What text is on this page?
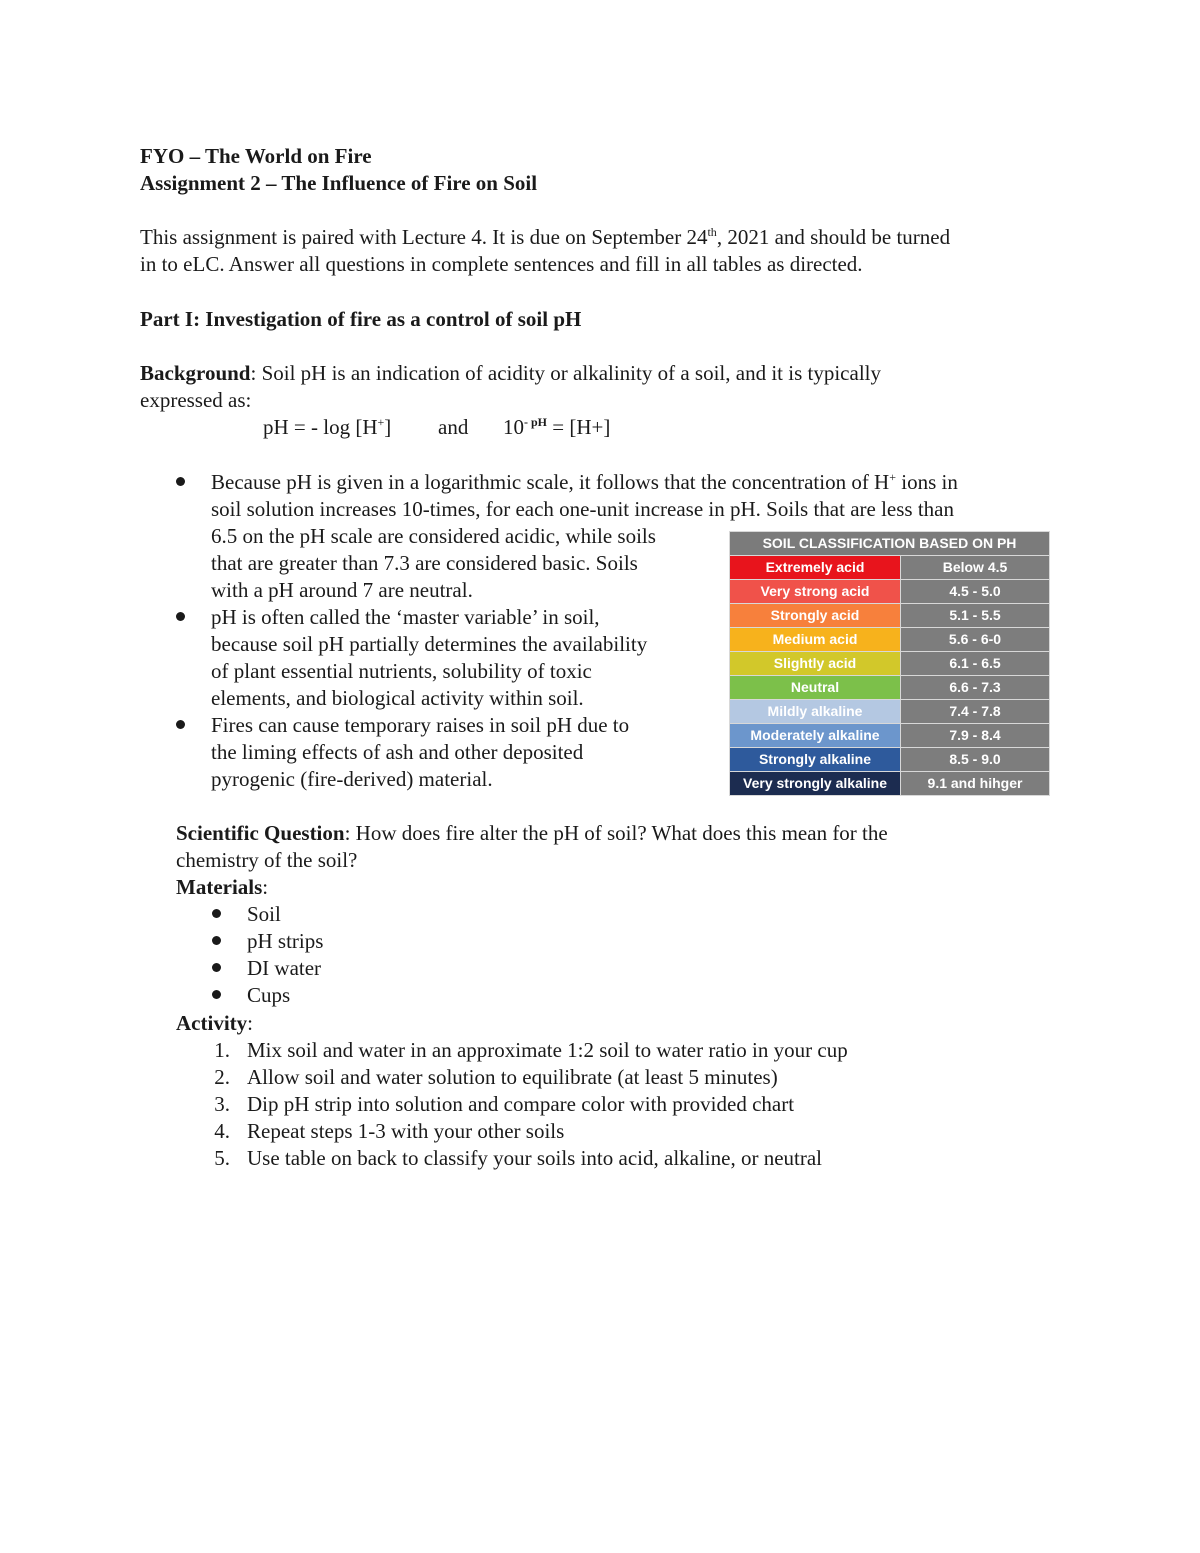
FYO – The World on Fire
Assignment 2 – The Influence of Fire on Soil
This assignment is paired with Lecture 4. It is due on September 24th, 2021 and should be turned
in to eLC. Answer all questions in complete sentences and fill in all tables as directed.
Part I: Investigation of fire as a control of soil pH
Background: Soil pH is an indication of acidity or alkalinity of a soil, and it is typically
expressed as:
pH = - log [H+] and $10^{- pH} = [H+]$
Because pH is given in a logarithmic scale, it follows that the concentration of H+ ions in
soil solution increases 10-times, for each one-unit increase in pH. Soils that are less than
6.5 on the pH scale are considered acidic, while soils
that are greater than 7.3 are considered basic. Soils
with a pH around 7 are neutral.
pH is often called the ‘master variable’ in soil,
because soil pH partially determines the availability
of plant essential nutrients, solubility of toxic
elements, and biological activity within soil.
Fires can cause temporary raises in soil pH due to
the liming effects of ash and other deposited
pyrogenic (fire-derived) material.
SOIL CLASSIFICATION BASED ON PH	
Extremely acid	Below 4.5
Very strong acid	4.5 - 5.0
Strongly acid	5.1 - 5.5
Medium acid	5.6 - 6-0
Slightly acid	6.1 - 6.5
Neutral	6.6 - 7.3
Mildly alkaline	7.4 - 7.8
Moderately alkaline	7.9 - 8.4
Strongly alkaline	8.5 - 9.0
Very strongly alkaline	9.1 and hihger
Scientific Question: How does fire alter the pH of soil? What does this mean for the
chemistry of the soil?
Materials:
Soil
pH strips
DI water
Cups
Activity:
1. Mix soil and water in an approximate 1:2 soil to water ratio in your cup
2. Allow soil and water solution to equilibrate (at least 5 minutes)
3. Dip pH strip into solution and compare color with provided chart
4. Repeat steps 1-3 with your other soils
5. Use table on back to classify your soils into acid, alkaline, or neutral
